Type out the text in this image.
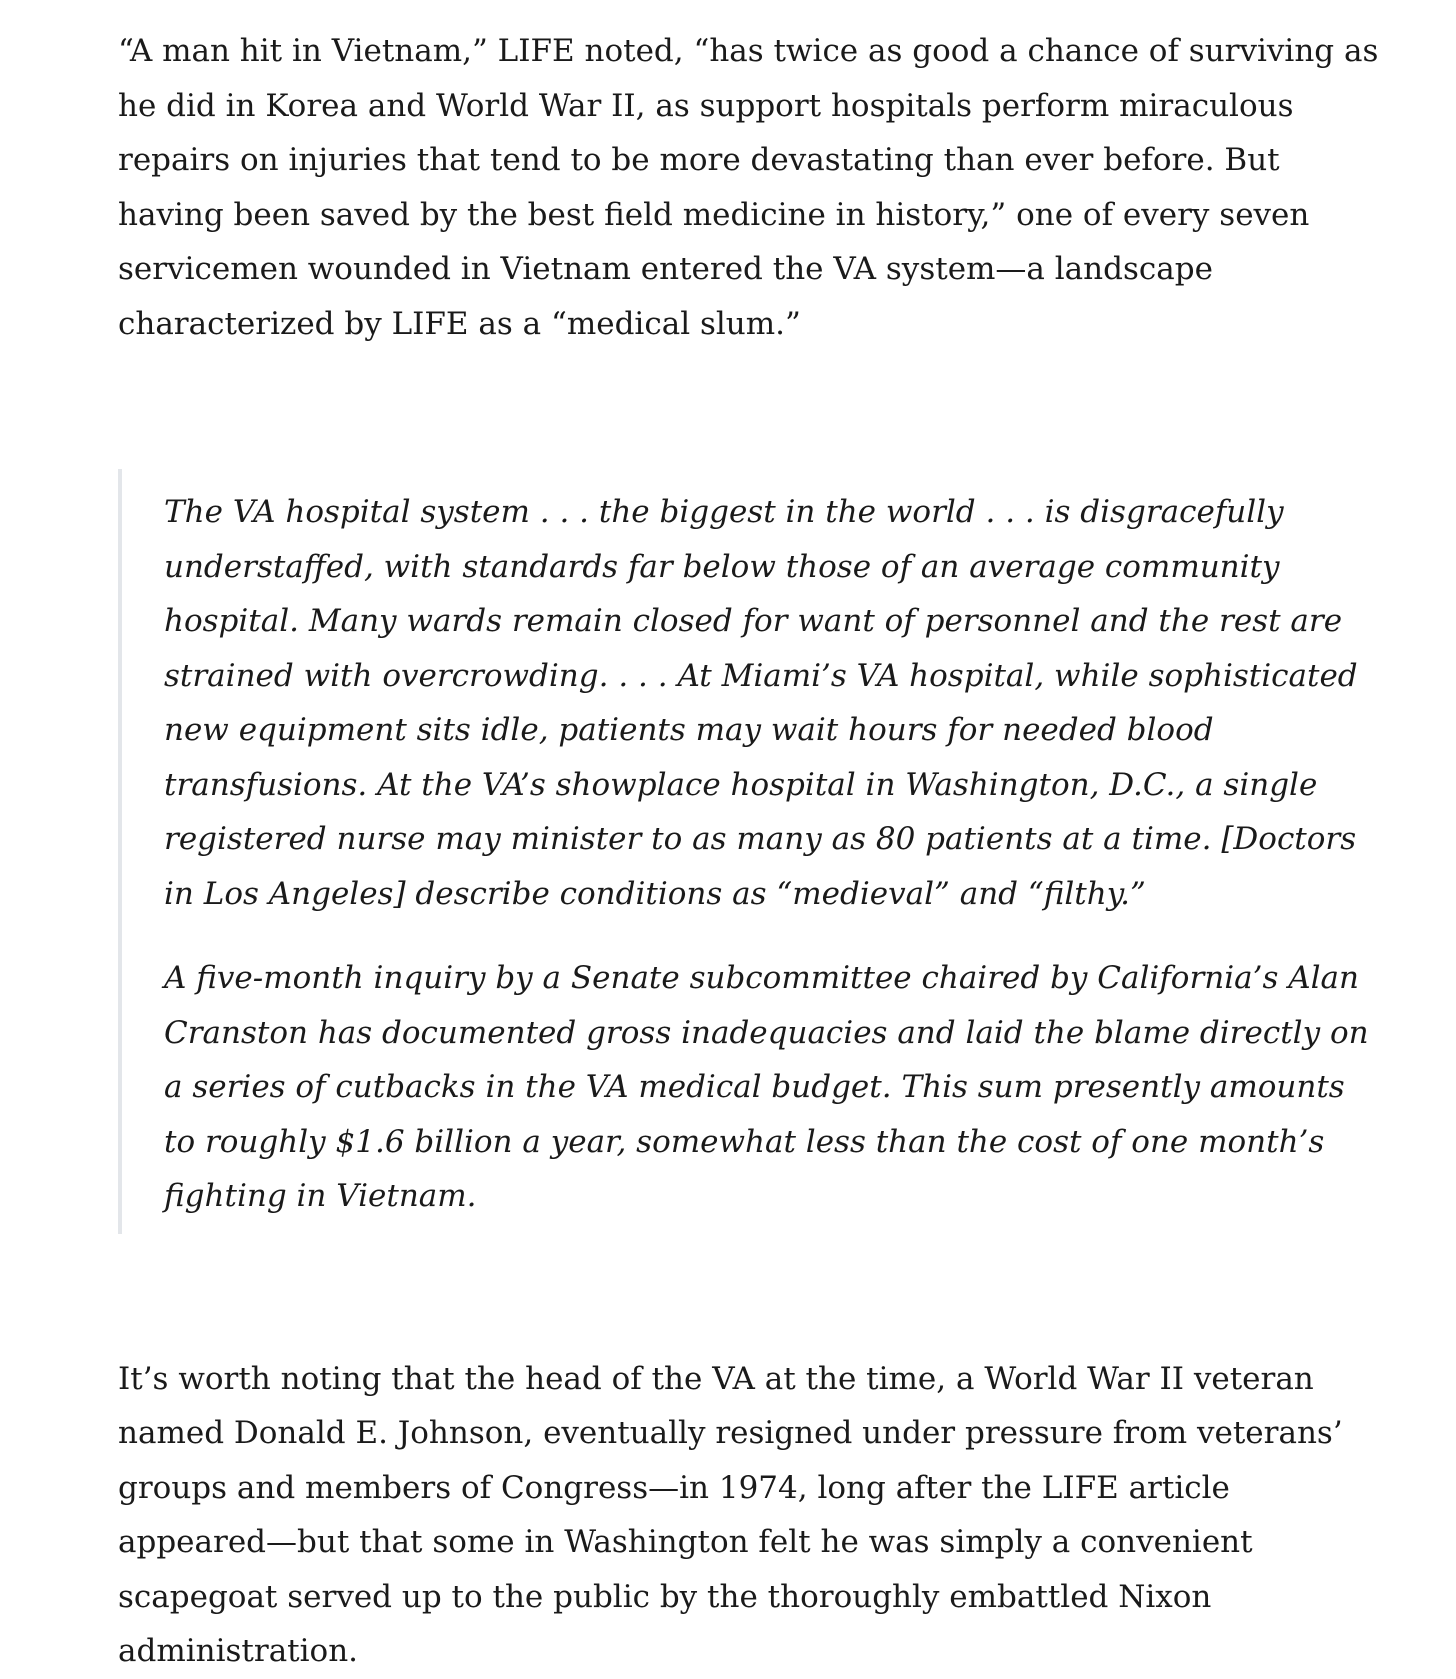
“A man hit in Vietnam,” LIFE noted, “has twice as good a chance of surviving as he did in Korea and World War II, as support hospitals perform miraculous repairs on injuries that tend to be more devastating than ever before. But having been saved by the best field medicine in history,” one of every seven servicemen wounded in Vietnam entered the VA system—a landscape characterized by LIFE as a “medical slum.”

The VA hospital system . . . the biggest in the world . . . is disgracefully understaffed, with standards far below those of an average community hospital. Many wards remain closed for want of personnel and the rest are strained with overcrowding. . . . At Miami’s VA hospital, while sophisticated new equipment sits idle, patients may wait hours for needed blood transfusions. At the VA’s showplace hospital in Washington, D.C., a single registered nurse may minister to as many as 80 patients at a time. [Doctors in Los Angeles] describe conditions as “medieval” and “filthy.”

A five-month inquiry by a Senate subcommittee chaired by California’s Alan Cranston has documented gross inadequacies and laid the blame directly on a series of cutbacks in the VA medical budget. This sum presently amounts to roughly $1.6 billion a year, somewhat less than the cost of one month’s fighting in Vietnam.

It’s worth noting that the head of the VA at the time, a World War II veteran named Donald E. Johnson, eventually resigned under pressure from veterans’ groups and members of Congress—in 1974, long after the LIFE article appeared—but that some in Washington felt he was simply a convenient scapegoat served up to the public by the thoroughly embattled Nixon administration.
